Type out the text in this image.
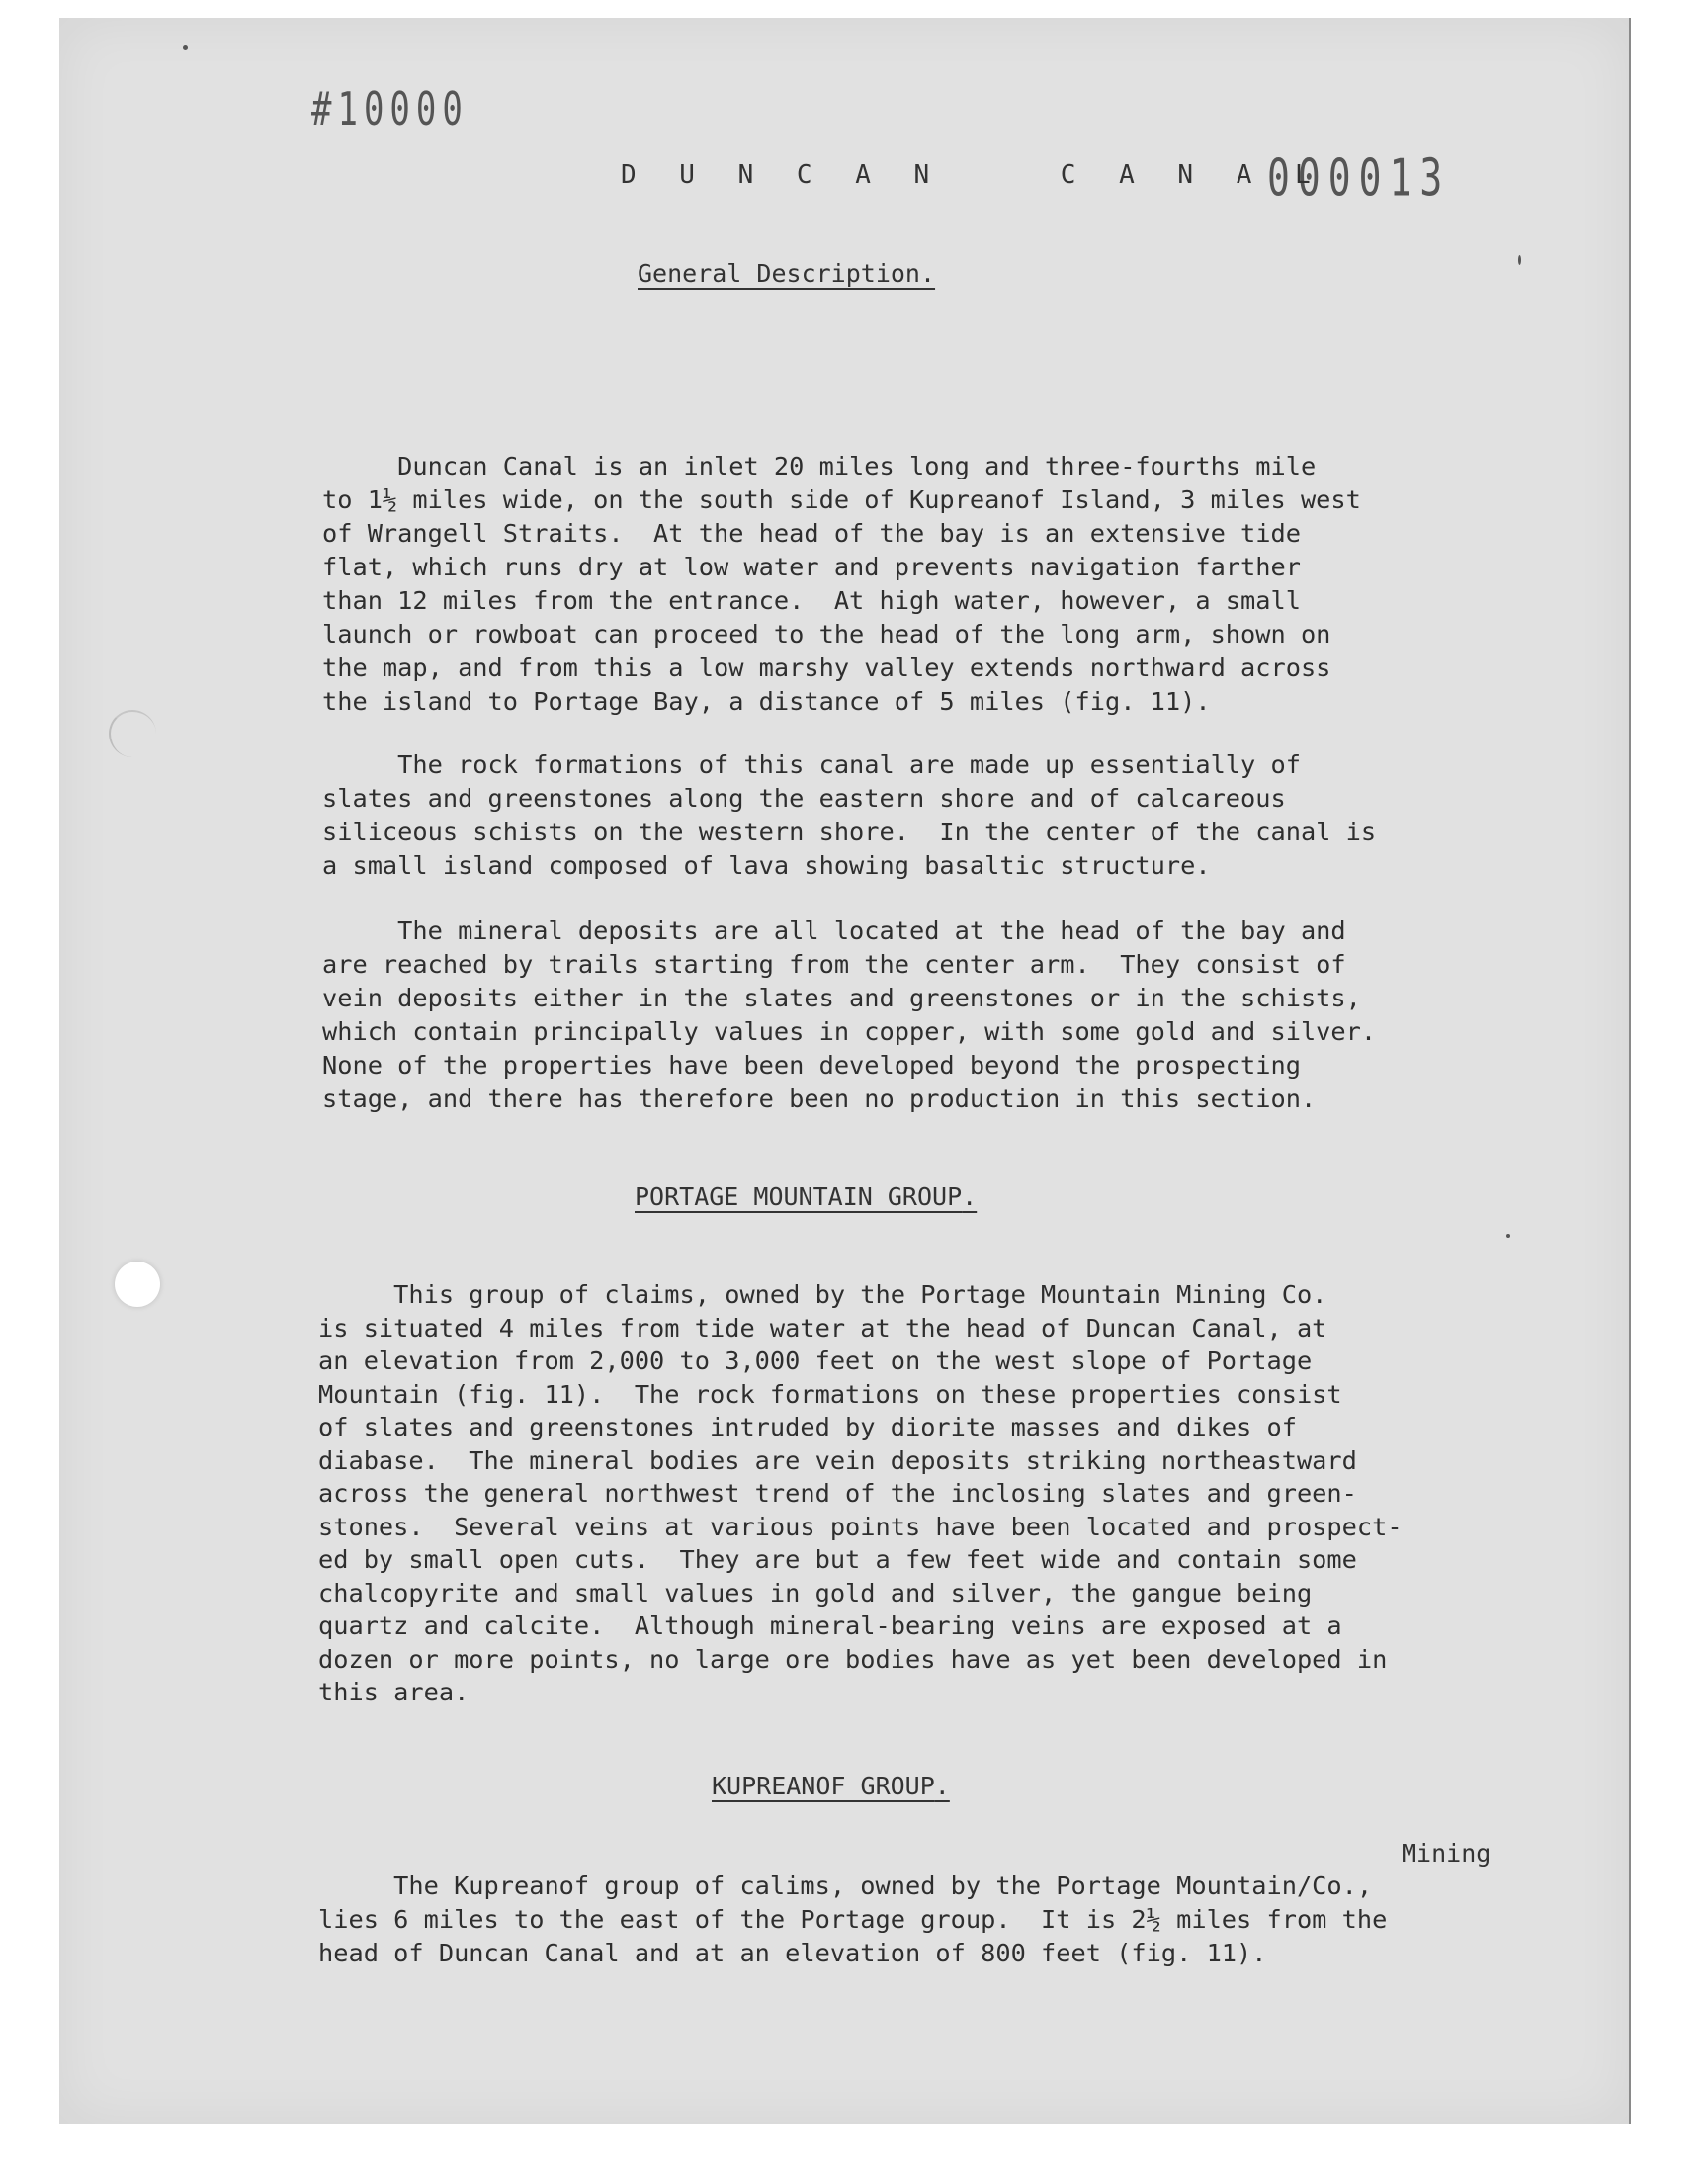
#10000
000013
D U N C A N    C A N A L
General Description.
Duncan Canal is an inlet 20 miles long and three-fourths mile
to 1½ miles wide, on the south side of Kupreanof Island, 3 miles west
of Wrangell Straits.  At the head of the bay is an extensive tide
flat, which runs dry at low water and prevents navigation farther
than 12 miles from the entrance.  At high water, however, a small
launch or rowboat can proceed to the head of the long arm, shown on
the map, and from this a low marshy valley extends northward across
the island to Portage Bay, a distance of 5 miles (fig. 11).
The rock formations of this canal are made up essentially of
slates and greenstones along the eastern shore and of calcareous
siliceous schists on the western shore.  In the center of the canal is
a small island composed of lava showing basaltic structure.
The mineral deposits are all located at the head of the bay and
are reached by trails starting from the center arm.  They consist of
vein deposits either in the slates and greenstones or in the schists,
which contain principally values in copper, with some gold and silver.
None of the properties have been developed beyond the prospecting
stage, and there has therefore been no production in this section.
PORTAGE MOUNTAIN GROUP.
This group of claims, owned by the Portage Mountain Mining Co.
is situated 4 miles from tide water at the head of Duncan Canal, at
an elevation from 2,000 to 3,000 feet on the west slope of Portage
Mountain (fig. 11).  The rock formations on these properties consist
of slates and greenstones intruded by diorite masses and dikes of
diabase.  The mineral bodies are vein deposits striking northeastward
across the general northwest trend of the inclosing slates and green-
stones.  Several veins at various points have been located and prospect-
ed by small open cuts.  They are but a few feet wide and contain some
chalcopyrite and small values in gold and silver, the gangue being
quartz and calcite.  Although mineral-bearing veins are exposed at a
dozen or more points, no large ore bodies have as yet been developed in
this area.
KUPREANOF GROUP.
Mining
The Kupreanof group of calims, owned by the Portage Mountain/Co.,
lies 6 miles to the east of the Portage group.  It is 2½ miles from the
head of Duncan Canal and at an elevation of 800 feet (fig. 11).
